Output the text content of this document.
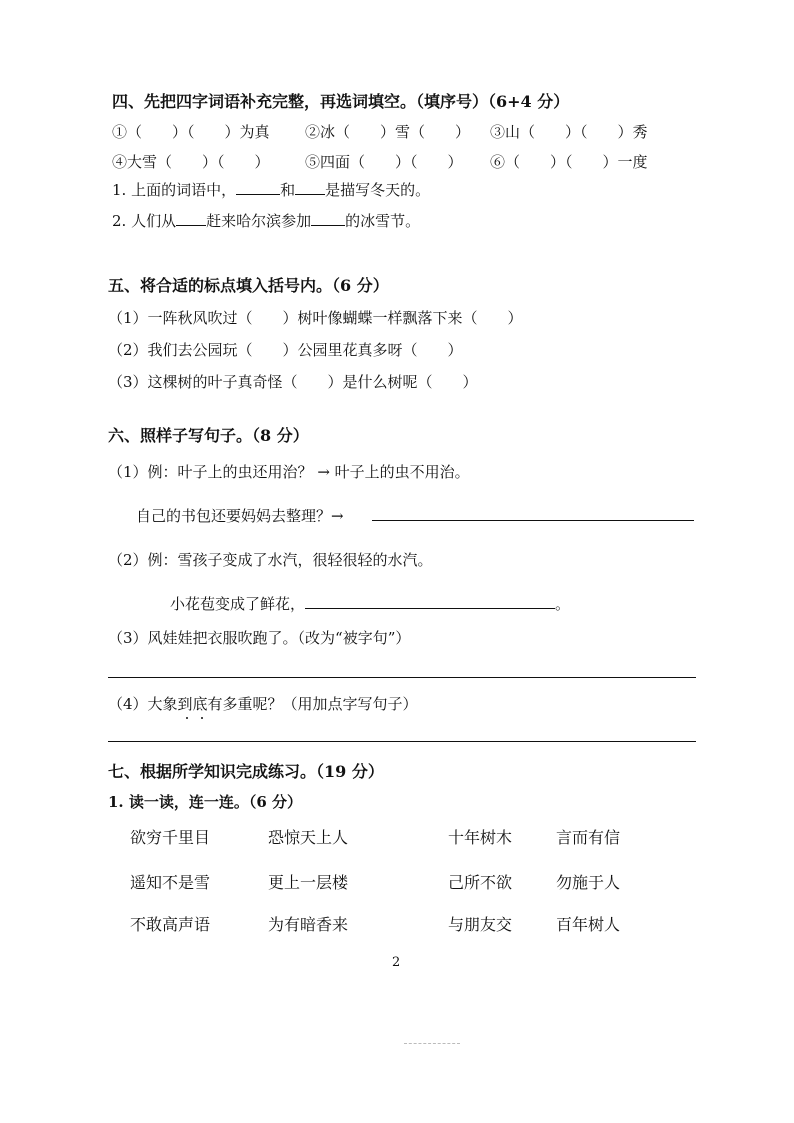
四、先把四字词语补充完整，再选词填空。（填序号）（6+4 分）
①（　　）（　　）为真 ②冰（　　）雪（　　） ③山（　　）（　　）秀
④大雪（　　）（　　） ⑤四面（　　）（　　） ⑥（　　）（　　）一度
1. 上面的词语中，	和 是描写冬天的。
2. 人们从 赶来哈尔滨参加 的冰雪节。
五、将合适的标点填入括号内。（6 分）
（1）一阵秋风吹过（　　）树叶像蝴蝶一样飘落下来（　　）
（2）我们去公园玩（　　）公园里花真多呀（　　）
（3）这棵树的叶子真奇怪（　　）是什么树呢（　　）
六、照样子写句子。（8 分）
（1）例：叶子上的虫还用治？ → 叶子上的虫不用治。
自己的书包还要妈妈去整理？→
（2）例：雪孩子变成了水汽，很轻很轻的水汽。
小花苞变成了鲜花，	。
（3）风娃娃把衣服吹跑了。（改为“被字句”）
（4）大象到底有多重呢？（用加点字写句子）
七、根据所学知识完成练习。（19 分）
1. 读一读，连一连。（6 分）
欲穷千里目
遥知不是雪
不敢高声语
恐惊天上人
更上一层楼
为有暗香来
十年树木
己所不欲
与朋友交
言而有信
勿施于人
百年树人
2
